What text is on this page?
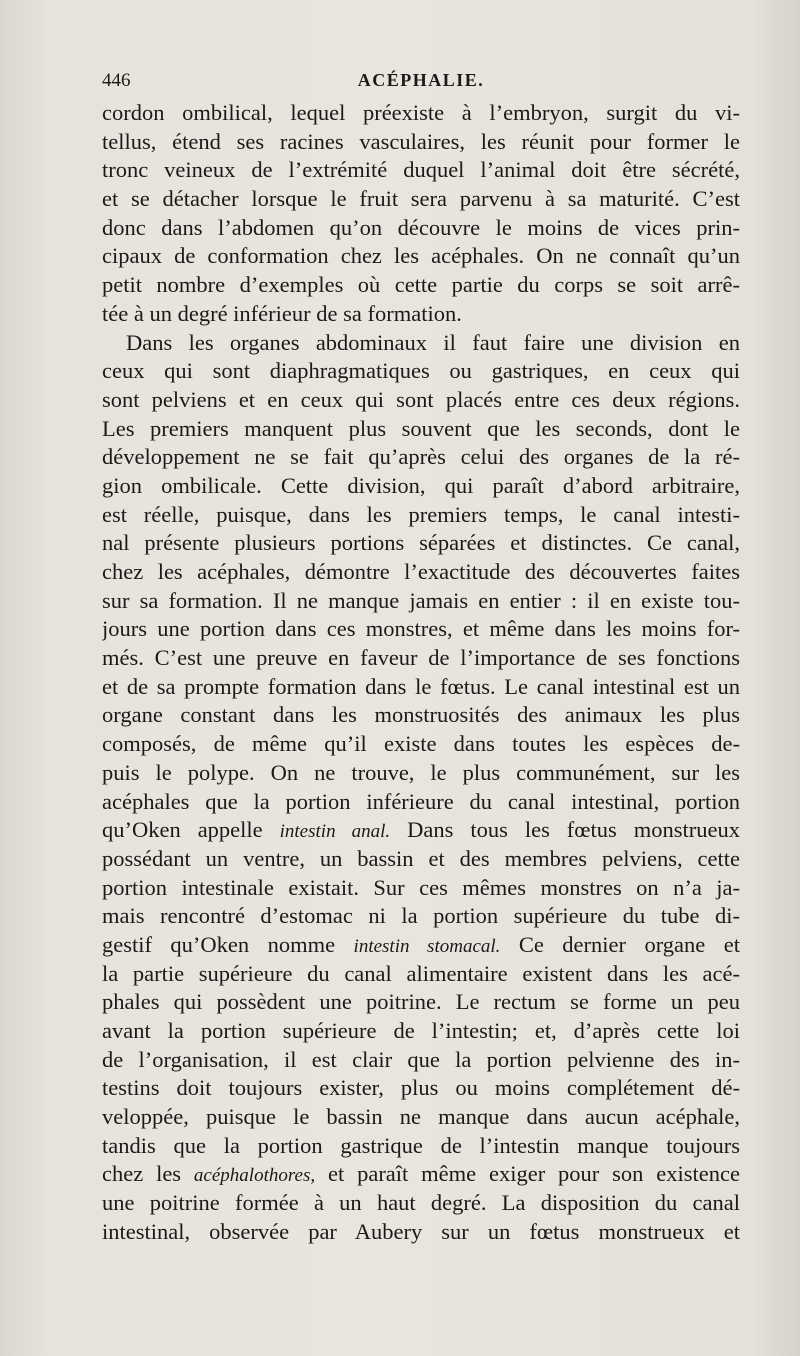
446	ACÉPHALIE.
cordon ombilical, lequel préexiste à l’embryon, surgit du vi-
tellus, étend ses racines vasculaires, les réunit pour former le
tronc veineux de l’extrémité duquel l’animal doit être sécrété,
et se détacher lorsque le fruit sera parvenu à sa maturité. C’est
donc dans l’abdomen qu’on découvre le moins de vices prin-
cipaux de conformation chez les acéphales. On ne connaît qu’un
petit nombre d’exemples où cette partie du corps se soit arrê-
tée à un degré inférieur de sa formation.
Dans les organes abdominaux il faut faire une division en
ceux qui sont diaphragmatiques ou gastriques, en ceux qui
sont pelviens et en ceux qui sont placés entre ces deux régions.
Les premiers manquent plus souvent que les seconds, dont le
développement ne se fait qu’après celui des organes de la ré-
gion ombilicale. Cette division, qui paraît d’abord arbitraire,
est réelle, puisque, dans les premiers temps, le canal intesti-
nal présente plusieurs portions séparées et distinctes. Ce canal,
chez les acéphales, démontre l’exactitude des découvertes faites
sur sa formation. Il ne manque jamais en entier : il en existe tou-
jours une portion dans ces monstres, et même dans les moins for-
més. C’est une preuve en faveur de l’importance de ses fonctions
et de sa prompte formation dans le fœtus. Le canal intestinal est un
organe constant dans les monstruosités des animaux les plus
composés, de même qu’il existe dans toutes les espèces de-
puis le polype. On ne trouve, le plus communément, sur les
acéphales que la portion inférieure du canal intestinal, portion
qu’Oken appelle intestin anal. Dans tous les fœtus monstrueux
possédant un ventre, un bassin et des membres pelviens, cette
portion intestinale existait. Sur ces mêmes monstres on n’a ja-
mais rencontré d’estomac ni la portion supérieure du tube di-
gestif qu’Oken nomme intestin stomacal. Ce dernier organe et
la partie supérieure du canal alimentaire existent dans les acé-
phales qui possèdent une poitrine. Le rectum se forme un peu
avant la portion supérieure de l’intestin; et, d’après cette loi
de l’organisation, il est clair que la portion pelvienne des in-
testins doit toujours exister, plus ou moins complétement dé-
veloppée, puisque le bassin ne manque dans aucun acéphale,
tandis que la portion gastrique de l’intestin manque toujours
chez les acéphalothores, et paraît même exiger pour son existence
une poitrine formée à un haut degré. La disposition du canal
intestinal, observée par Aubery sur un fœtus monstrueux et
